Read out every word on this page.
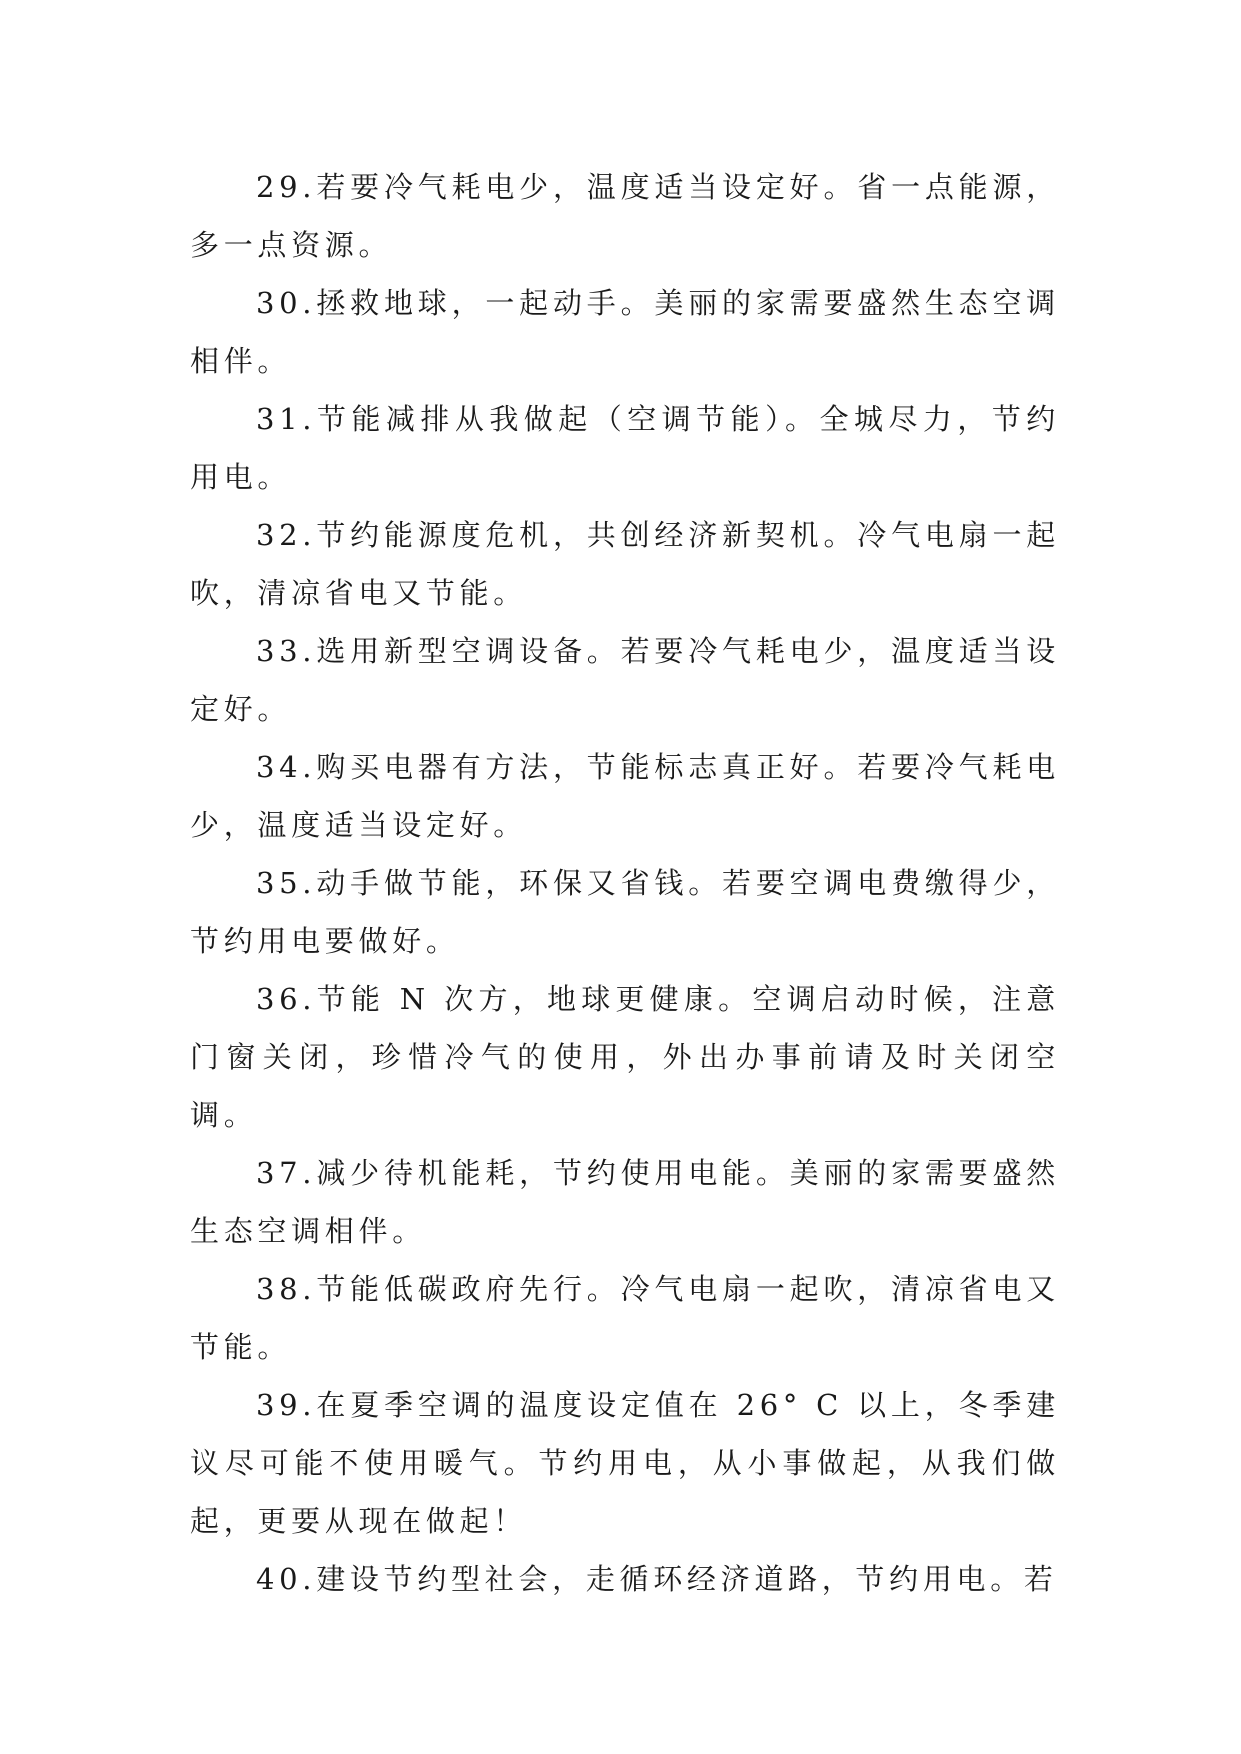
29.若要冷气耗电少，温度适当设定好。省一点能源，多一点资源。

30.拯救地球，一起动手。美丽的家需要盛然生态空调相伴。

31.节能减排从我做起（空调节能）。全城尽力，节约用电。

32.节约能源度危机，共创经济新契机。冷气电扇一起吹，清凉省电又节能。

33.选用新型空调设备。若要冷气耗电少，温度适当设定好。

34.购买电器有方法，节能标志真正好。若要冷气耗电少，温度适当设定好。

35.动手做节能，环保又省钱。若要空调电费缴得少，节约用电要做好。

36.节能 N 次方，地球更健康。空调启动时候，注意门窗关闭，珍惜冷气的使用，外出办事前请及时关闭空调。

37.减少待机能耗，节约使用电能。美丽的家需要盛然生态空调相伴。

38.节能低碳政府先行。冷气电扇一起吹，清凉省电又节能。

39.在夏季空调的温度设定值在 26° C 以上，冬季建议尽可能不使用暖气。节约用电，从小事做起，从我们做起，更要从现在做起！

40.建设节约型社会，走循环经济道路，节约用电。若
